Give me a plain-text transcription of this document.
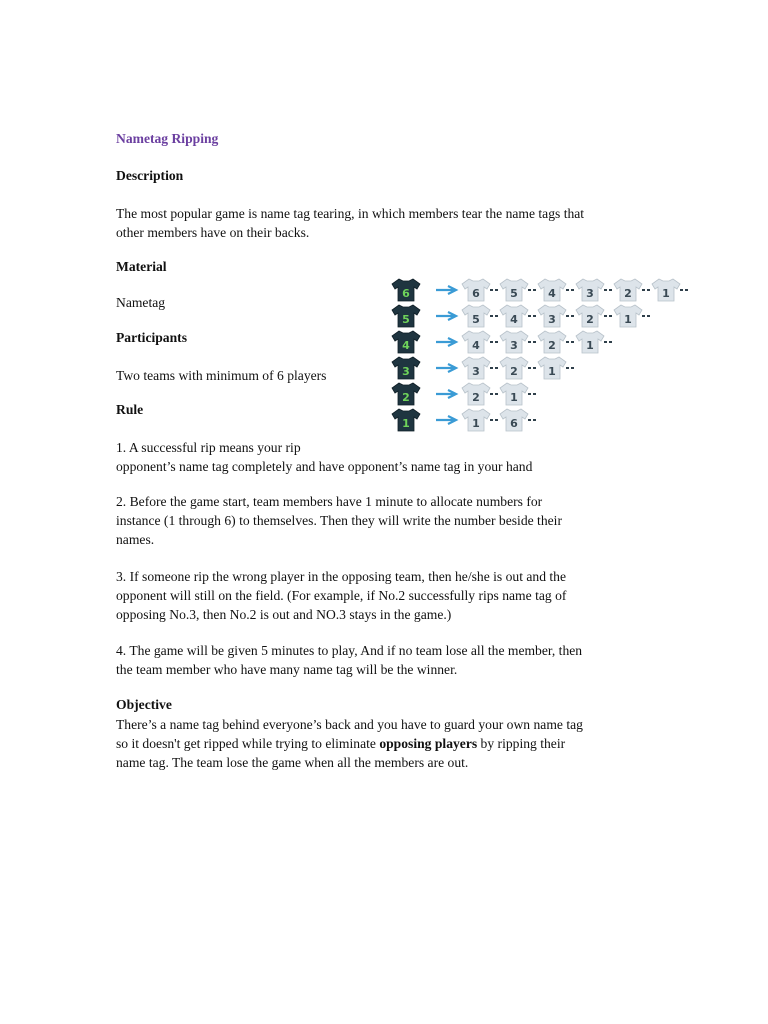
Nametag Ripping
Description
The most popular game is name tag tearing, in which members tear the name tags that
other members have on their backs.
Material
Nametag
Participants
Two teams with minimum of 6 players
Rule
1. A successful rip means your rip
opponent’s name tag completely and have opponent’s name tag in your hand
2. Before the game start, team members have 1 minute to allocate numbers for
instance (1 through 6) to themselves. Then they will write the number beside their
names.
3. If someone rip the wrong player in the opposing team, then he/she is out and the
opponent will still on the field. (For example, if No.2 successfully rips name tag of
opposing No.3, then No.2 is out and NO.3 stays in the game.)
4. The game will be given 5 minutes to play, And if no team lose all the member, then
the team member who have many name tag will be the winner.
Objective
There’s a name tag behind everyone’s back and you have to guard your own name tag
so it doesn't get ripped while trying to eliminate opposing players by ripping their
name tag. The team lose the game when all the members are out.
6	6	5	4	3	2	1
5	5	4	3	2	1
4	4	3	2	1
3	3	2	1
2	2	1
1	1	6
